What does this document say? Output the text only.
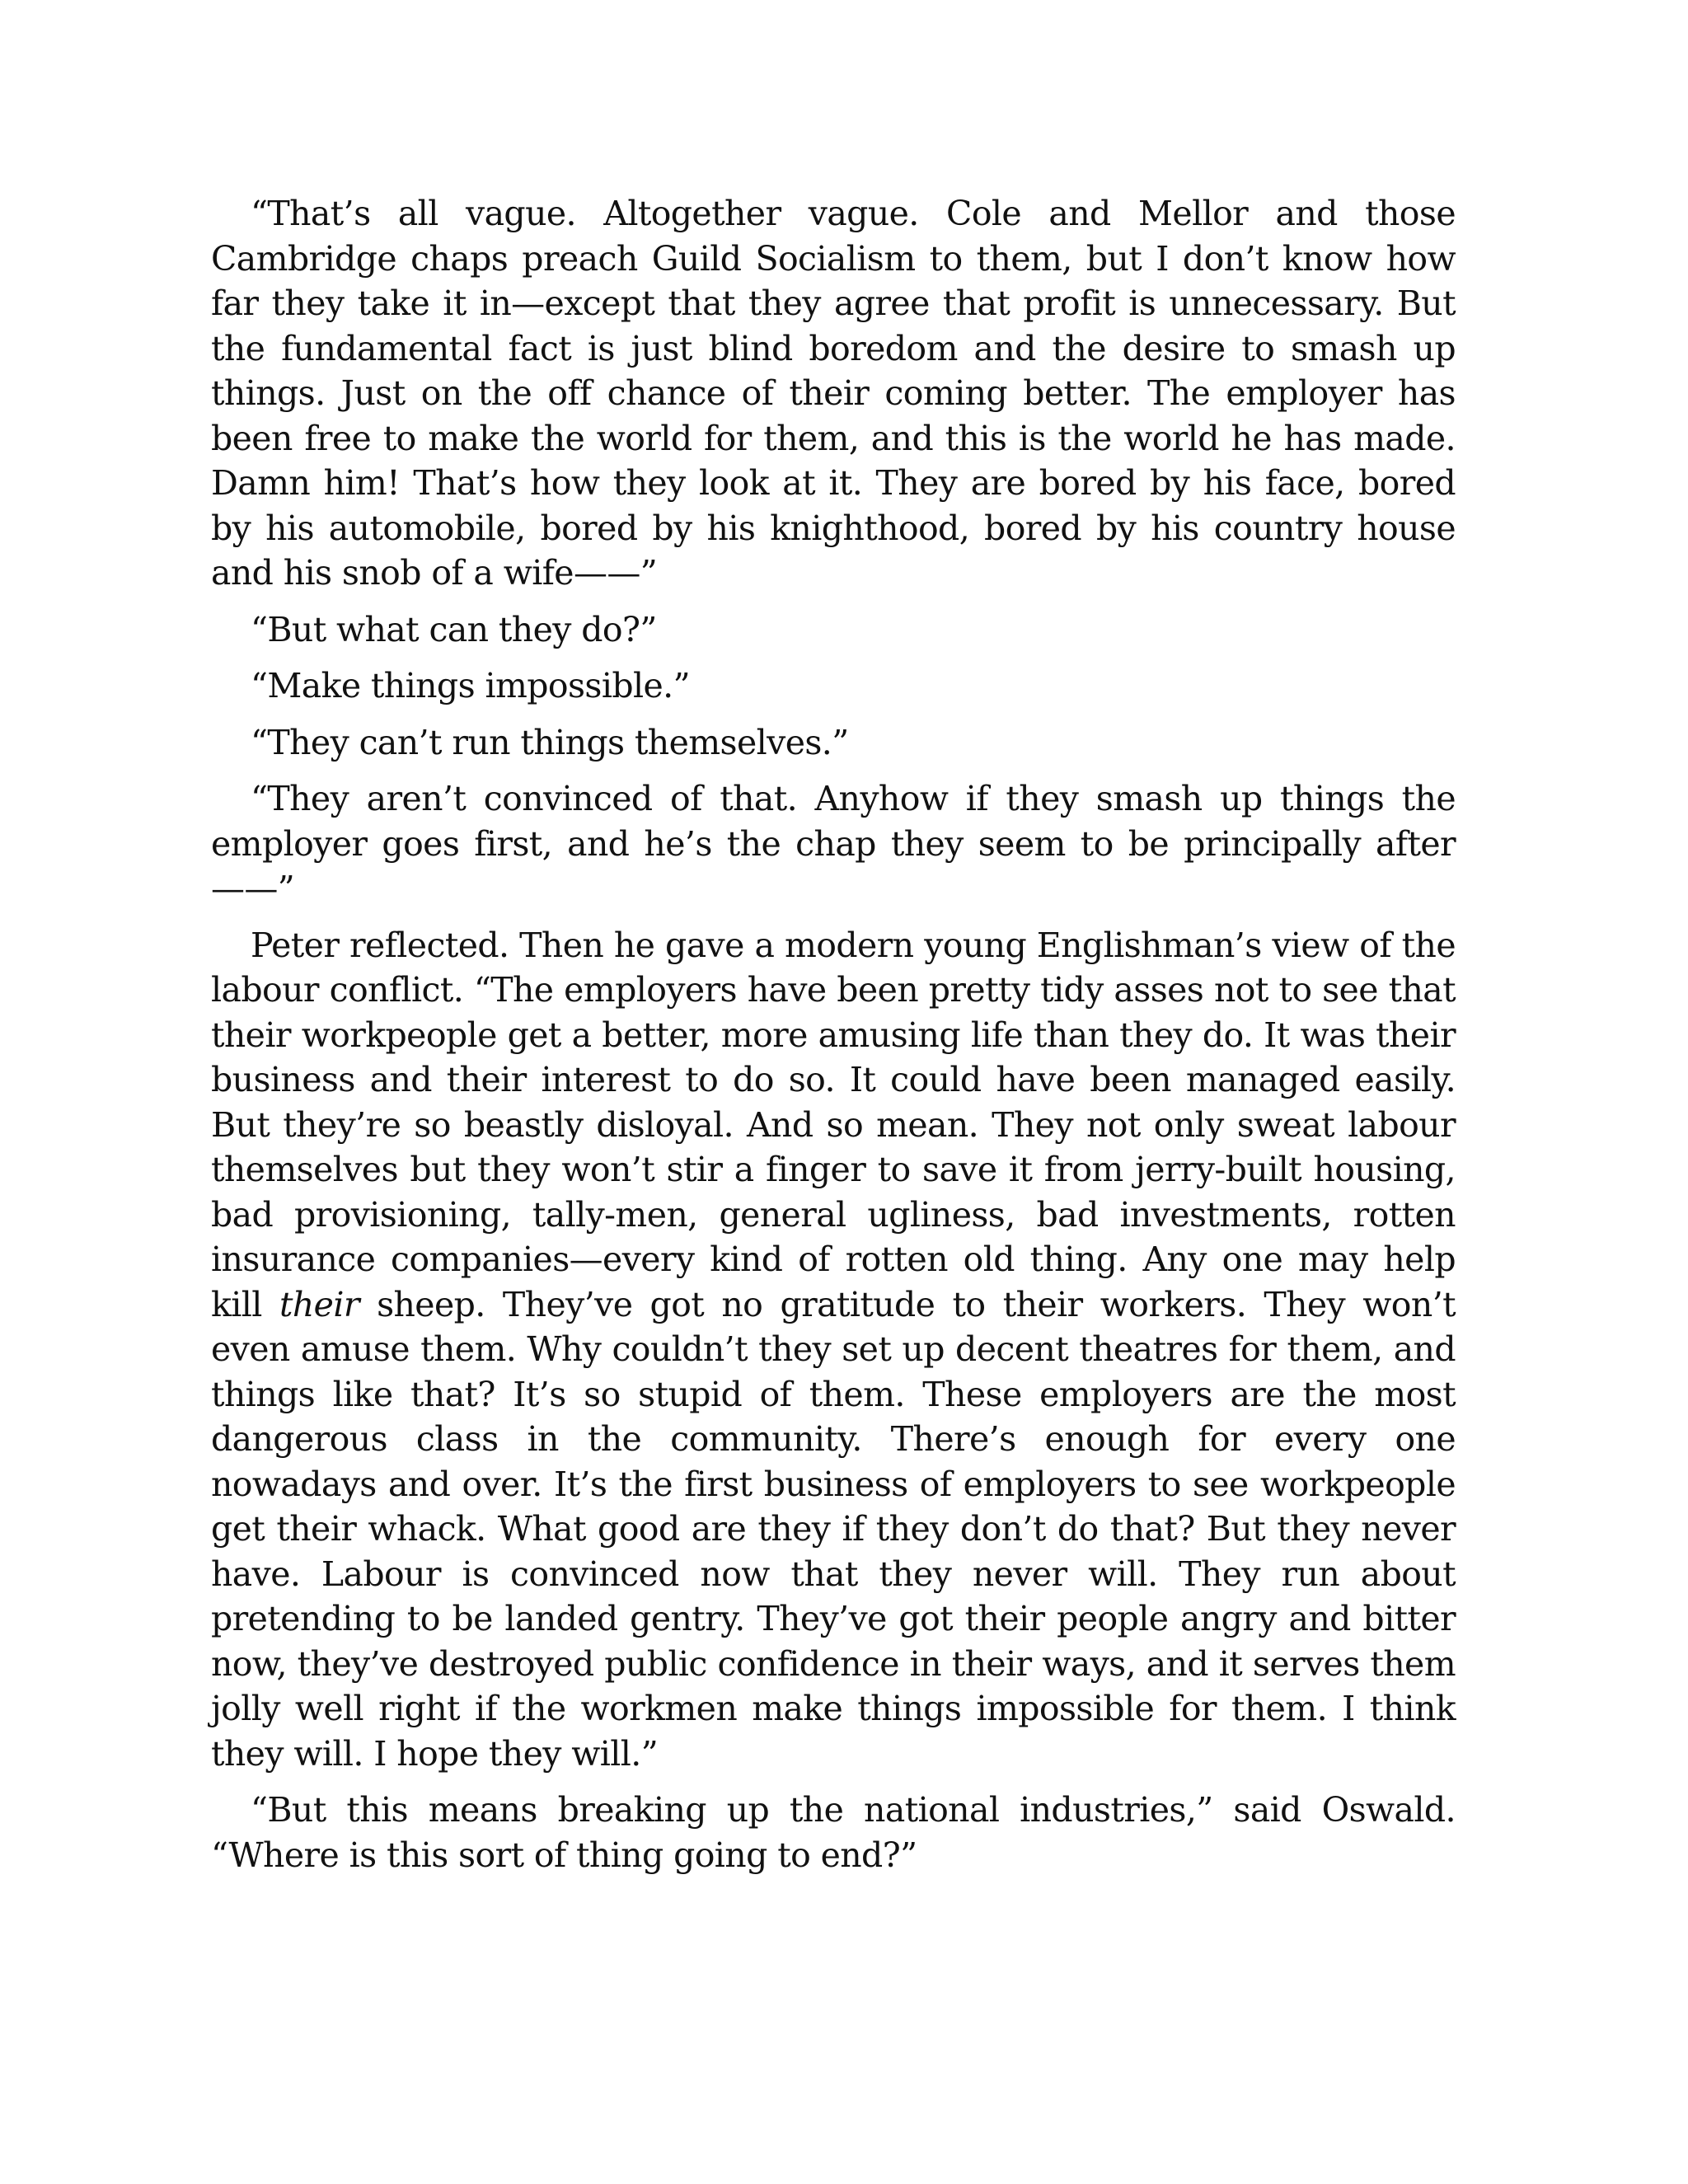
“That’s all vague. Altogether vague. Cole and Mellor and those Cambridge chaps preach Guild Socialism to them, but I don’t know how far they take it in—except that they agree that profit is unnecessary. But the fundamental fact is just blind boredom and the desire to smash up things. Just on the off chance of their coming better. The employer has been free to make the world for them, and this is the world he has made. Damn him! That’s how they look at it. They are bored by his face, bored by his automobile, bored by his knighthood, bored by his country house and his snob of a wife——”

“But what can they do?”

“Make things impossible.”

“They can’t run things themselves.”

“They aren’t convinced of that. Anyhow if they smash up things the employer goes first, and he’s the chap they seem to be principally after——”

Peter reflected. Then he gave a modern young Englishman’s view of the labour conflict. “The employers have been pretty tidy asses not to see that their workpeople get a better, more amusing life than they do. It was their business and their interest to do so. It could have been managed easily. But they’re so beastly disloyal. And so mean. They not only sweat labour themselves but they won’t stir a finger to save it from jerry-built housing, bad provisioning, tally-men, general ugliness, bad investments, rotten insurance companies—every kind of rotten old thing. Any one may help kill their sheep. They’ve got no gratitude to their workers. They won’t even amuse them. Why couldn’t they set up decent theatres for them, and things like that? It’s so stupid of them. These employers are the most dangerous class in the community. There’s enough for every one nowadays and over. It’s the first business of employers to see workpeople get their whack. What good are they if they don’t do that? But they never have. Labour is convinced now that they never will. They run about pretending to be landed gentry. They’ve got their people angry and bitter now, they’ve destroyed public confidence in their ways, and it serves them jolly well right if the workmen make things impossible for them. I think they will. I hope they will.”

“But this means breaking up the national industries,” said Oswald. “Where is this sort of thing going to end?”
